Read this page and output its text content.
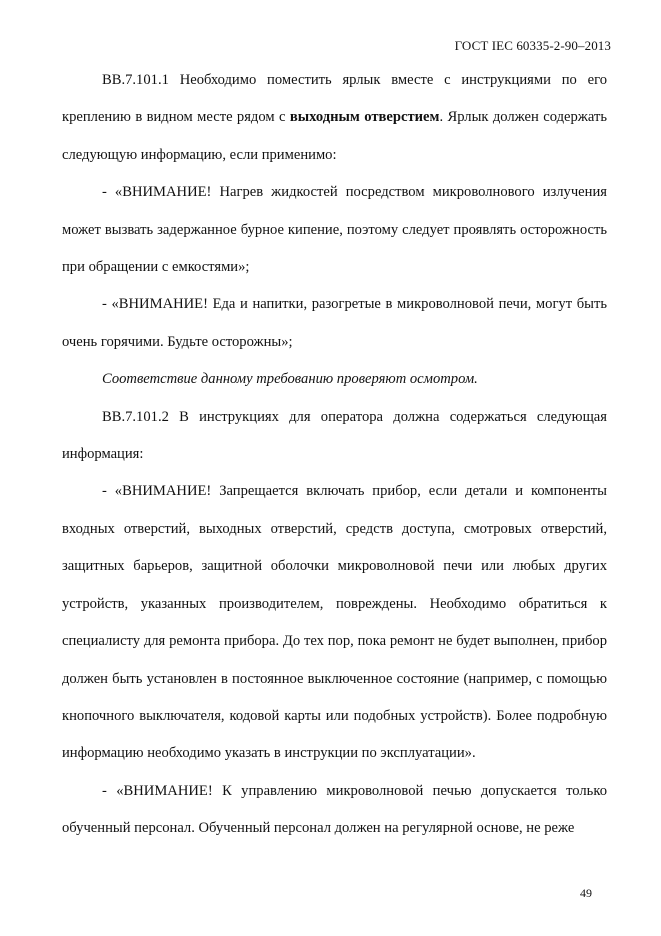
ГОСТ IEC 60335-2-90–2013

ВВ.7.101.1 Необходимо поместить ярлык вместе с инструкциями по его креплению в видном месте рядом с выходным отверстием. Ярлык должен содержать следующую информацию, если применимо:

- «ВНИМАНИЕ! Нагрев жидкостей посредством микроволнового излучения может вызвать задержанное бурное кипение, поэтому следует проявлять осторожность при обращении с емкостями»;

- «ВНИМАНИЕ! Еда и напитки, разогретые в микроволновой печи, могут быть очень горячими. Будьте осторожны»;

Соответствие данному требованию проверяют осмотром.

ВВ.7.101.2 В инструкциях для оператора должна содержаться следующая информация:

- «ВНИМАНИЕ! Запрещается включать прибор, если детали и компоненты входных отверстий, выходных отверстий, средств доступа, смотровых отверстий, защитных барьеров, защитной оболочки микроволновой печи или любых других устройств, указанных производителем, повреждены. Необходимо обратиться к специалисту для ремонта прибора. До тех пор, пока ремонт не будет выполнен, прибор должен быть установлен в постоянное выключенное состояние (например, с помощью кнопочного выключателя, кодовой карты или подобных устройств). Более подробную информацию необходимо указать в инструкции по эксплуатации».

- «ВНИМАНИЕ! К управлению микроволновой печью допускается только обученный персонал. Обученный персонал должен на регулярной основе, не реже

49
